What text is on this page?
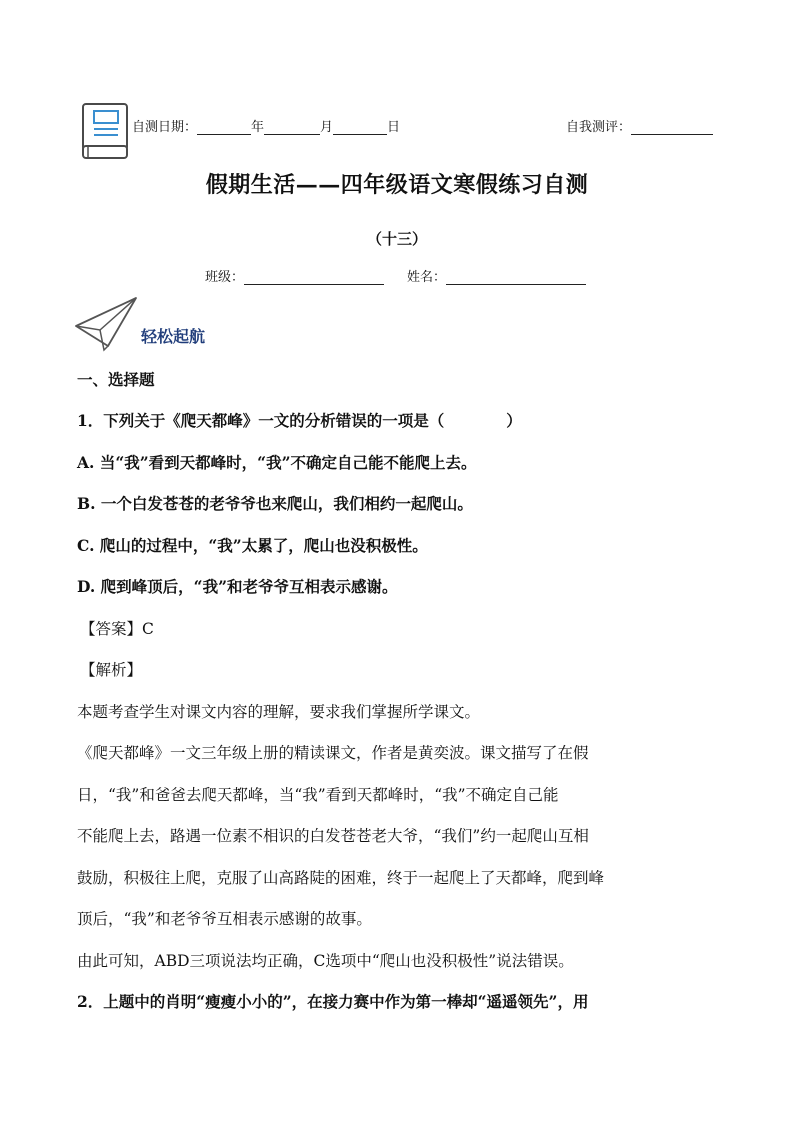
自测日期：	年	月	日	自我测评：
假期生活——四年级语文寒假练习自测
（十三）
班级：	姓名：
轻松起航
一、选择题
1．下列关于《爬天都峰》一文的分析错误的一项是（　　　　）
A. 当“我”看到天都峰时，“我”不确定自己能不能爬上去。
B. 一个白发苍苍的老爷爷也来爬山，我们相约一起爬山。
C. 爬山的过程中，“我”太累了，爬山也没积极性。
D. 爬到峰顶后，“我”和老爷爷互相表示感谢。
【答案】C
【解析】
本题考查学生对课文内容的理解，要求我们掌握所学课文。
《爬天都峰》一文三年级上册的精读课文，作者是黄奕波。课文描写了在假
日，“我”和爸爸去爬天都峰，当“我”看到天都峰时，“我”不确定自己能
不能爬上去，路遇一位素不相识的白发苍苍老大爷，“我们”约一起爬山互相
鼓励，积极往上爬，克服了山高路陡的困难，终于一起爬上了天都峰，爬到峰
顶后，“我”和老爷爷互相表示感谢的故事。
由此可知，ABD三项说法均正确，C选项中“爬山也没积极性”说法错误。
2．上题中的肖明“瘦瘦小小的”，在接力赛中作为第一棒却“遥遥领先”，用
